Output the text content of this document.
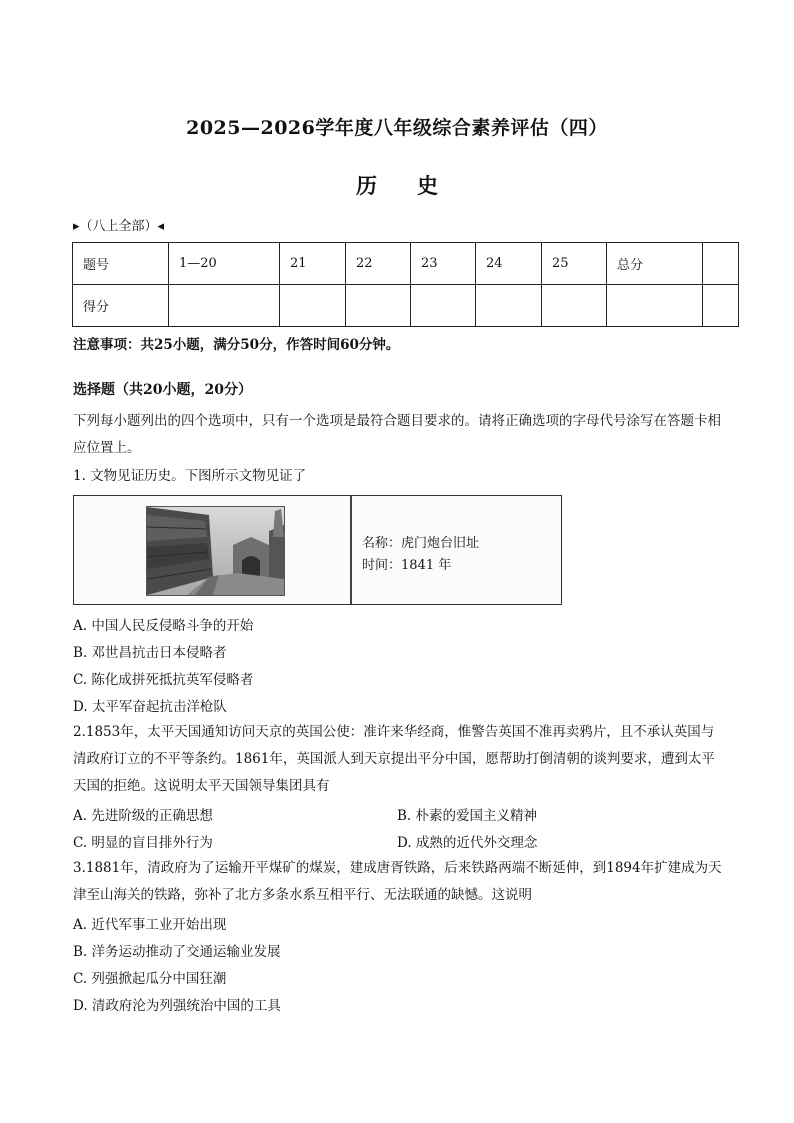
2025—2026学年度八年级综合素养评估（四）
历史
▸（八上全部）◂
题号	1—20	21	22	23	24	25	总分	
得分								
注意事项：共25小题，满分50分，作答时间60分钟。
选择题（共20小题，20分）
下列每小题列出的四个选项中，只有一个选项是最符合题目要求的。请将正确选项的字母代号涂写在答题卡相应位置上。
1. 文物见证历史。下图所示文物见证了
名称：虎门炮台旧址
时间：1841 年
A. 中国人民反侵略斗争的开始
B. 邓世昌抗击日本侵略者
C. 陈化成拼死抵抗英军侵略者
D. 太平军奋起抗击洋枪队
2.1853年，太平天国通知访问天京的英国公使：准许来华经商，惟警告英国不准再卖鸦片，且不承认英国与清政府订立的不平等条约。1861年，英国派人到天京提出平分中国，愿帮助打倒清朝的谈判要求，遭到太平天国的拒绝。这说明太平天国领导集团具有
A. 先进阶级的正确思想	B. 朴素的爱国主义精神
C. 明显的盲目排外行为	D. 成熟的近代外交理念
3.1881年，清政府为了运输开平煤矿的煤炭，建成唐胥铁路，后来铁路两端不断延伸，到1894年扩建成为天津至山海关的铁路，弥补了北方多条水系互相平行、无法联通的缺憾。这说明
A. 近代军事工业开始出现
B. 洋务运动推动了交通运输业发展
C. 列强掀起瓜分中国狂潮
D. 清政府沦为列强统治中国的工具
